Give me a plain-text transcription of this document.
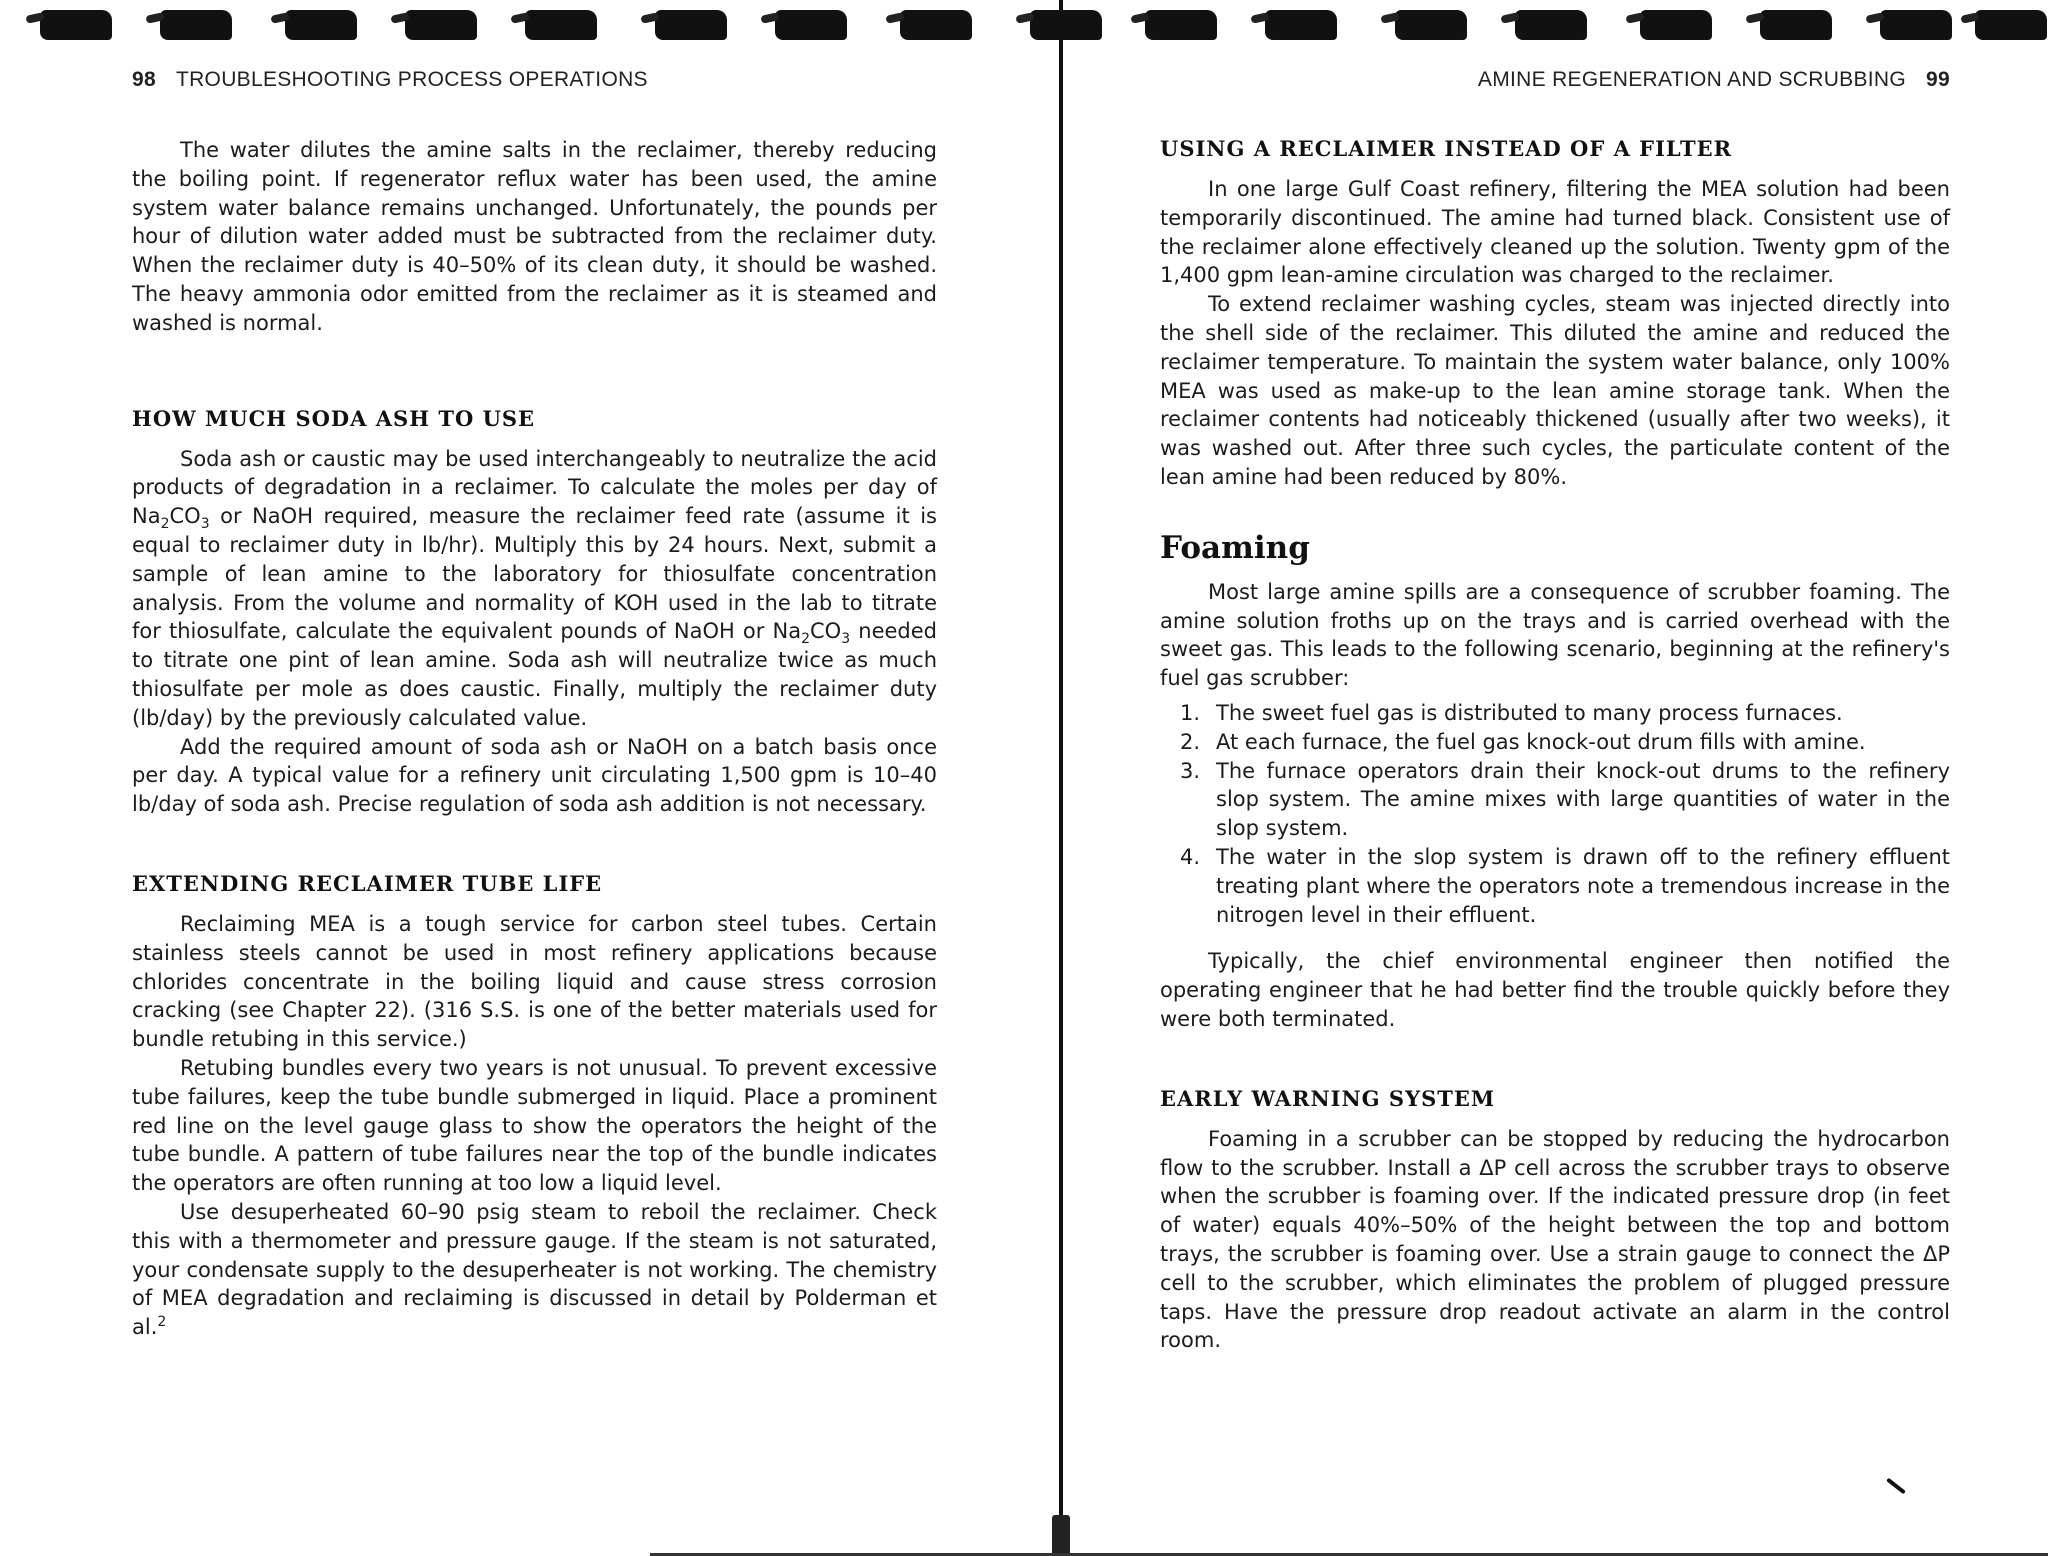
98 TROUBLESHOOTING PROCESS OPERATIONS

The water dilutes the amine salts in the reclaimer, thereby reducing the boiling point. If regenerator reflux water has been used, the amine system water balance remains unchanged. Unfortunately, the pounds per hour of dilution water added must be subtracted from the reclaimer duty. When the reclaimer duty is 40–50% of its clean duty, it should be washed. The heavy ammonia odor emitted from the reclaimer as it is steamed and washed is normal.

HOW MUCH SODA ASH TO USE

Soda ash or caustic may be used interchangeably to neutralize the acid products of degradation in a reclaimer. To calculate the moles per day of $Na_2CO_3$ or NaOH required, measure the reclaimer feed rate (assume it is equal to reclaimer duty in lb/hr). Multiply this by 24 hours. Next, submit a sample of lean amine to the laboratory for thiosulfate concentration analysis. From the volume and normality of KOH used in the lab to titrate for thiosulfate, calculate the equivalent pounds of NaOH or $Na_2CO_3$ needed to titrate one pint of lean amine. Soda ash will neutralize twice as much thiosulfate per mole as does caustic. Finally, multiply the reclaimer duty (lb/day) by the previously calculated value.

Add the required amount of soda ash or NaOH on a batch basis once per day. A typical value for a refinery unit circulating 1,500 gpm is 10–40 lb/day of soda ash. Precise regulation of soda ash addition is not necessary.

EXTENDING RECLAIMER TUBE LIFE

Reclaiming MEA is a tough service for carbon steel tubes. Certain stainless steels cannot be used in most refinery applications because chlorides concentrate in the boiling liquid and cause stress corrosion cracking (see Chapter 22). (316 S.S. is one of the better materials used for bundle retubing in this service.)

Retubing bundles every two years is not unusual. To prevent excessive tube failures, keep the tube bundle submerged in liquid. Place a prominent red line on the level gauge glass to show the operators the height of the tube bundle. A pattern of tube failures near the top of the bundle indicates the operators are often running at too low a liquid level.

Use desuperheated 60–90 psig steam to reboil the reclaimer. Check this with a thermometer and pressure gauge. If the steam is not saturated, your condensate supply to the desuperheater is not working. The chemistry of MEA degradation and reclaiming is discussed in detail by Polderman et al.$^2$

AMINE REGENERATION AND SCRUBBING 99
USING A RECLAIMER INSTEAD OF A FILTER

In one large Gulf Coast refinery, filtering the MEA solution had been temporarily discontinued. The amine had turned black. Consistent use of the reclaimer alone effectively cleaned up the solution. Twenty gpm of the 1,400 gpm lean-amine circulation was charged to the reclaimer.

To extend reclaimer washing cycles, steam was injected directly into the shell side of the reclaimer. This diluted the amine and reduced the reclaimer temperature. To maintain the system water balance, only 100% MEA was used as make-up to the lean amine storage tank. When the reclaimer contents had noticeably thickened (usually after two weeks), it was washed out. After three such cycles, the particulate content of the lean amine had been reduced by 80%.

Foaming

Most large amine spills are a consequence of scrubber foaming. The amine solution froths up on the trays and is carried overhead with the sweet gas. This leads to the following scenario, beginning at the refinery's fuel gas scrubber:

1. The sweet fuel gas is distributed to many process furnaces.
2. At each furnace, the fuel gas knock-out drum fills with amine.
3. The furnace operators drain their knock-out drums to the refinery slop system. The amine mixes with large quantities of water in the slop system.
4. The water in the slop system is drawn off to the refinery effluent treating plant where the operators note a tremendous increase in the nitrogen level in their effluent.

Typically, the chief environmental engineer then notified the operating engineer that he had better find the trouble quickly before they were both terminated.

EARLY WARNING SYSTEM

Foaming in a scrubber can be stopped by reducing the hydrocarbon flow to the scrubber. Install a ΔP cell across the scrubber trays to observe when the scrubber is foaming over. If the indicated pressure drop (in feet of water) equals 40%–50% of the height between the top and bottom trays, the scrubber is foaming over. Use a strain gauge to connect the ΔP cell to the scrubber, which eliminates the problem of plugged pressure taps. Have the pressure drop readout activate an alarm in the control room.
